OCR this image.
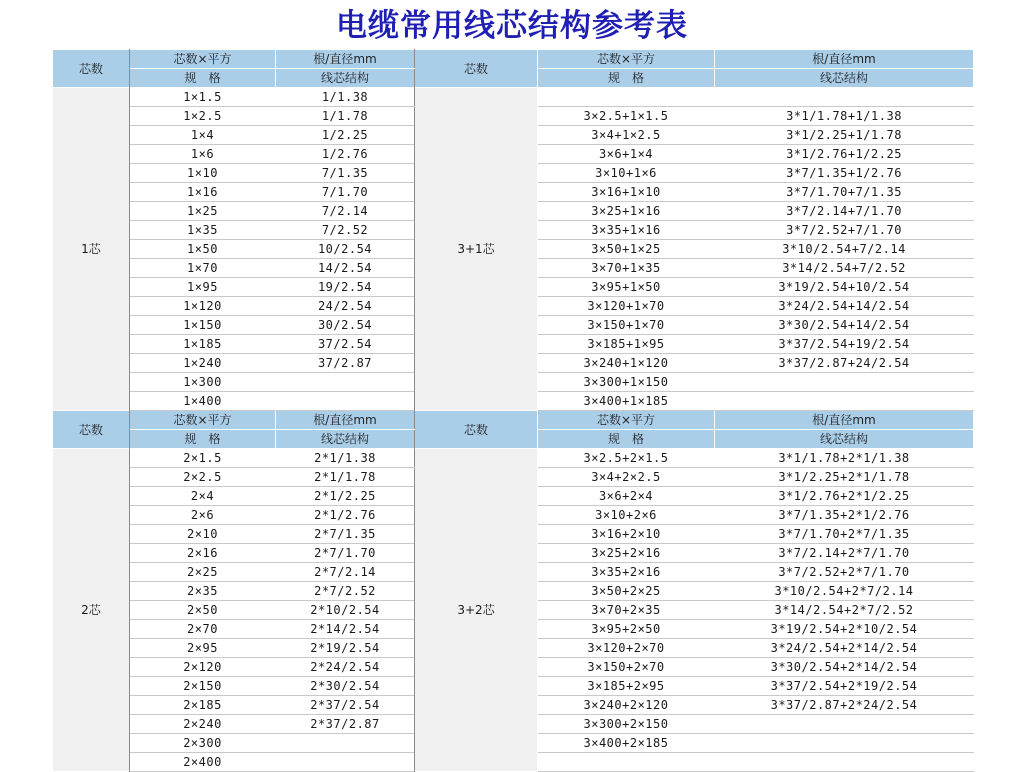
电缆常用线芯结构参考表
芯数	芯数×平方	根/直径mm	芯数	芯数×平方	根/直径mm
	规　格	线芯结构		规　格	线芯结构
1芯	1×1.5	1/1.38	3+1芯		
	1×2.5	1/1.78		3×2.5+1×1.5	3*1/1.78+1/1.38
	1×4	1/2.25		3×4+1×2.5	3*1/2.25+1/1.78
	1×6	1/2.76		3×6+1×4	3*1/2.76+1/2.25
	1×10	7/1.35		3×10+1×6	3*7/1.35+1/2.76
	1×16	7/1.70		3×16+1×10	3*7/1.70+7/1.35
	1×25	7/2.14		3×25+1×16	3*7/2.14+7/1.70
	1×35	7/2.52		3×35+1×16	3*7/2.52+7/1.70
	1×50	10/2.54		3×50+1×25	3*10/2.54+7/2.14
	1×70	14/2.54		3×70+1×35	3*14/2.54+7/2.52
	1×95	19/2.54		3×95+1×50	3*19/2.54+10/2.54
	1×120	24/2.54		3×120+1×70	3*24/2.54+14/2.54
	1×150	30/2.54		3×150+1×70	3*30/2.54+14/2.54
	1×185	37/2.54		3×185+1×95	3*37/2.54+19/2.54
	1×240	37/2.87		3×240+1×120	3*37/2.87+24/2.54
	1×300			3×300+1×150	
	1×400			3×400+1×185	
芯数	芯数×平方	根/直径mm	芯数	芯数×平方	根/直径mm
	规　格	线芯结构		规　格	线芯结构
2芯	2×1.5	2*1/1.38	3+2芯	3×2.5+2×1.5	3*1/1.78+2*1/1.38
	2×2.5	2*1/1.78		3×4+2×2.5	3*1/2.25+2*1/1.78
	2×4	2*1/2.25		3×6+2×4	3*1/2.76+2*1/2.25
	2×6	2*1/2.76		3×10+2×6	3*7/1.35+2*1/2.76
	2×10	2*7/1.35		3×16+2×10	3*7/1.70+2*7/1.35
	2×16	2*7/1.70		3×25+2×16	3*7/2.14+2*7/1.70
	2×25	2*7/2.14		3×35+2×16	3*7/2.52+2*7/1.70
	2×35	2*7/2.52		3×50+2×25	3*10/2.54+2*7/2.14
	2×50	2*10/2.54		3×70+2×35	3*14/2.54+2*7/2.52
	2×70	2*14/2.54		3×95+2×50	3*19/2.54+2*10/2.54
	2×95	2*19/2.54		3×120+2×70	3*24/2.54+2*14/2.54
	2×120	2*24/2.54		3×150+2×70	3*30/2.54+2*14/2.54
	2×150	2*30/2.54		3×185+2×95	3*37/2.54+2*19/2.54
	2×185	2*37/2.54		3×240+2×120	3*37/2.87+2*24/2.54
	2×240	2*37/2.87		3×300+2×150	
	2×300			3×400+2×185	
	2×400				
